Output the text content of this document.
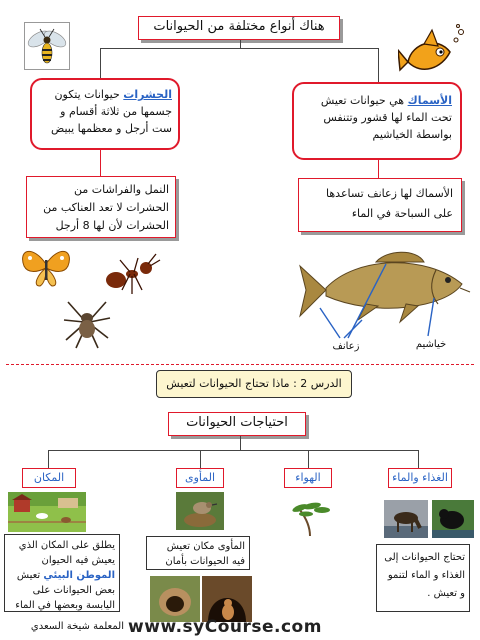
هناك أنواع مختلفة من الحيوانات
الحشرات حيوانات يتكون جسمها من ثلاثة أقسام و ست أرجل و معظمها يبيض
الأسماك هي حيوانات تعيش تحت الماء لها قشور وتتنفس بواسطة الخياشيم
النمل والفراشات من الحشرات لا تعد العناكب من الحشرات لأن لها 8 أرجل
الأسماك لها زعانف تساعدها على السباحة في الماء
زعانف	خياشيم
الدرس 2 : ماذا تحتاج الحيوانات لتعيش
احتياجات الحيوانات
المكان	المأوى	الهواء	الغذاء والماء
يطلق على المكان الذي يعيش فيه الحيوان الموطن البيئي تعيش بعض الحيوانات على اليابسة وبعضها في الماء
المأوى مكان تعيش فيه الحيوانات بأمان	تحتاج الحيوانات إلى الغذاء و الماء لتنمو و تعيش .
المعلمة شيخة السعدي www.syCourse.com
